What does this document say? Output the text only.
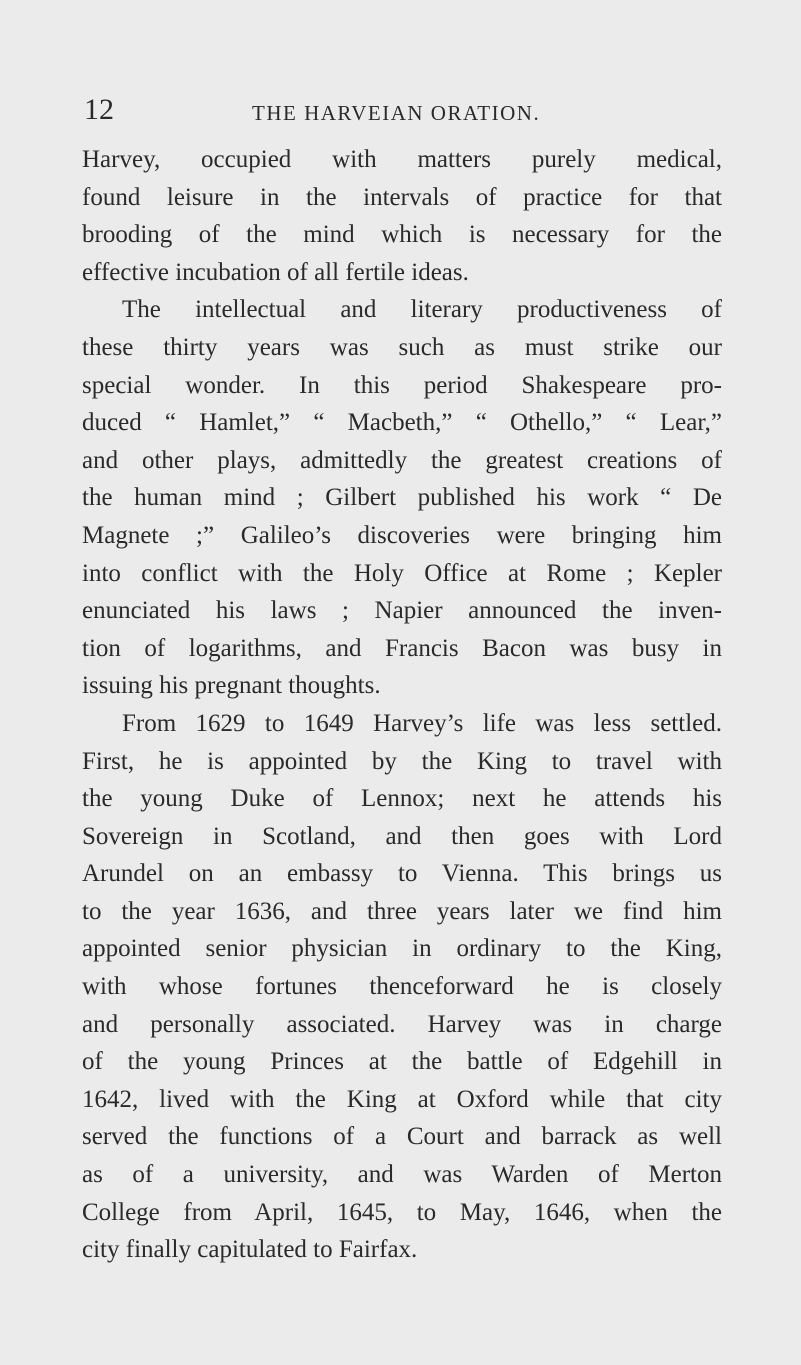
12	THE HARVEIAN ORATION.
Harvey, occupied with matters purely medical,
found leisure in the intervals of practice for that
brooding of the mind which is necessary for the
effective incubation of all fertile ideas.
The intellectual and literary productiveness of
these thirty years was such as must strike our
special wonder. In this period Shakespeare pro-
duced “ Hamlet,” “ Macbeth,” “ Othello,” “ Lear,”
and other plays, admittedly the greatest creations of
the human mind ; Gilbert published his work “ De
Magnete ;” Galileo’s discoveries were bringing him
into conflict with the Holy Office at Rome ; Kepler
enunciated his laws ; Napier announced the inven-
tion of logarithms, and Francis Bacon was busy in
issuing his pregnant thoughts.
From 1629 to 1649 Harvey’s life was less settled.
First, he is appointed by the King to travel with
the young Duke of Lennox; next he attends his
Sovereign in Scotland, and then goes with Lord
Arundel on an embassy to Vienna. This brings us
to the year 1636, and three years later we find him
appointed senior physician in ordinary to the King,
with whose fortunes thenceforward he is closely
and personally associated. Harvey was in charge
of the young Princes at the battle of Edgehill in
1642, lived with the King at Oxford while that city
served the functions of a Court and barrack as well
as of a university, and was Warden of Merton
College from April, 1645, to May, 1646, when the
city finally capitulated to Fairfax.
